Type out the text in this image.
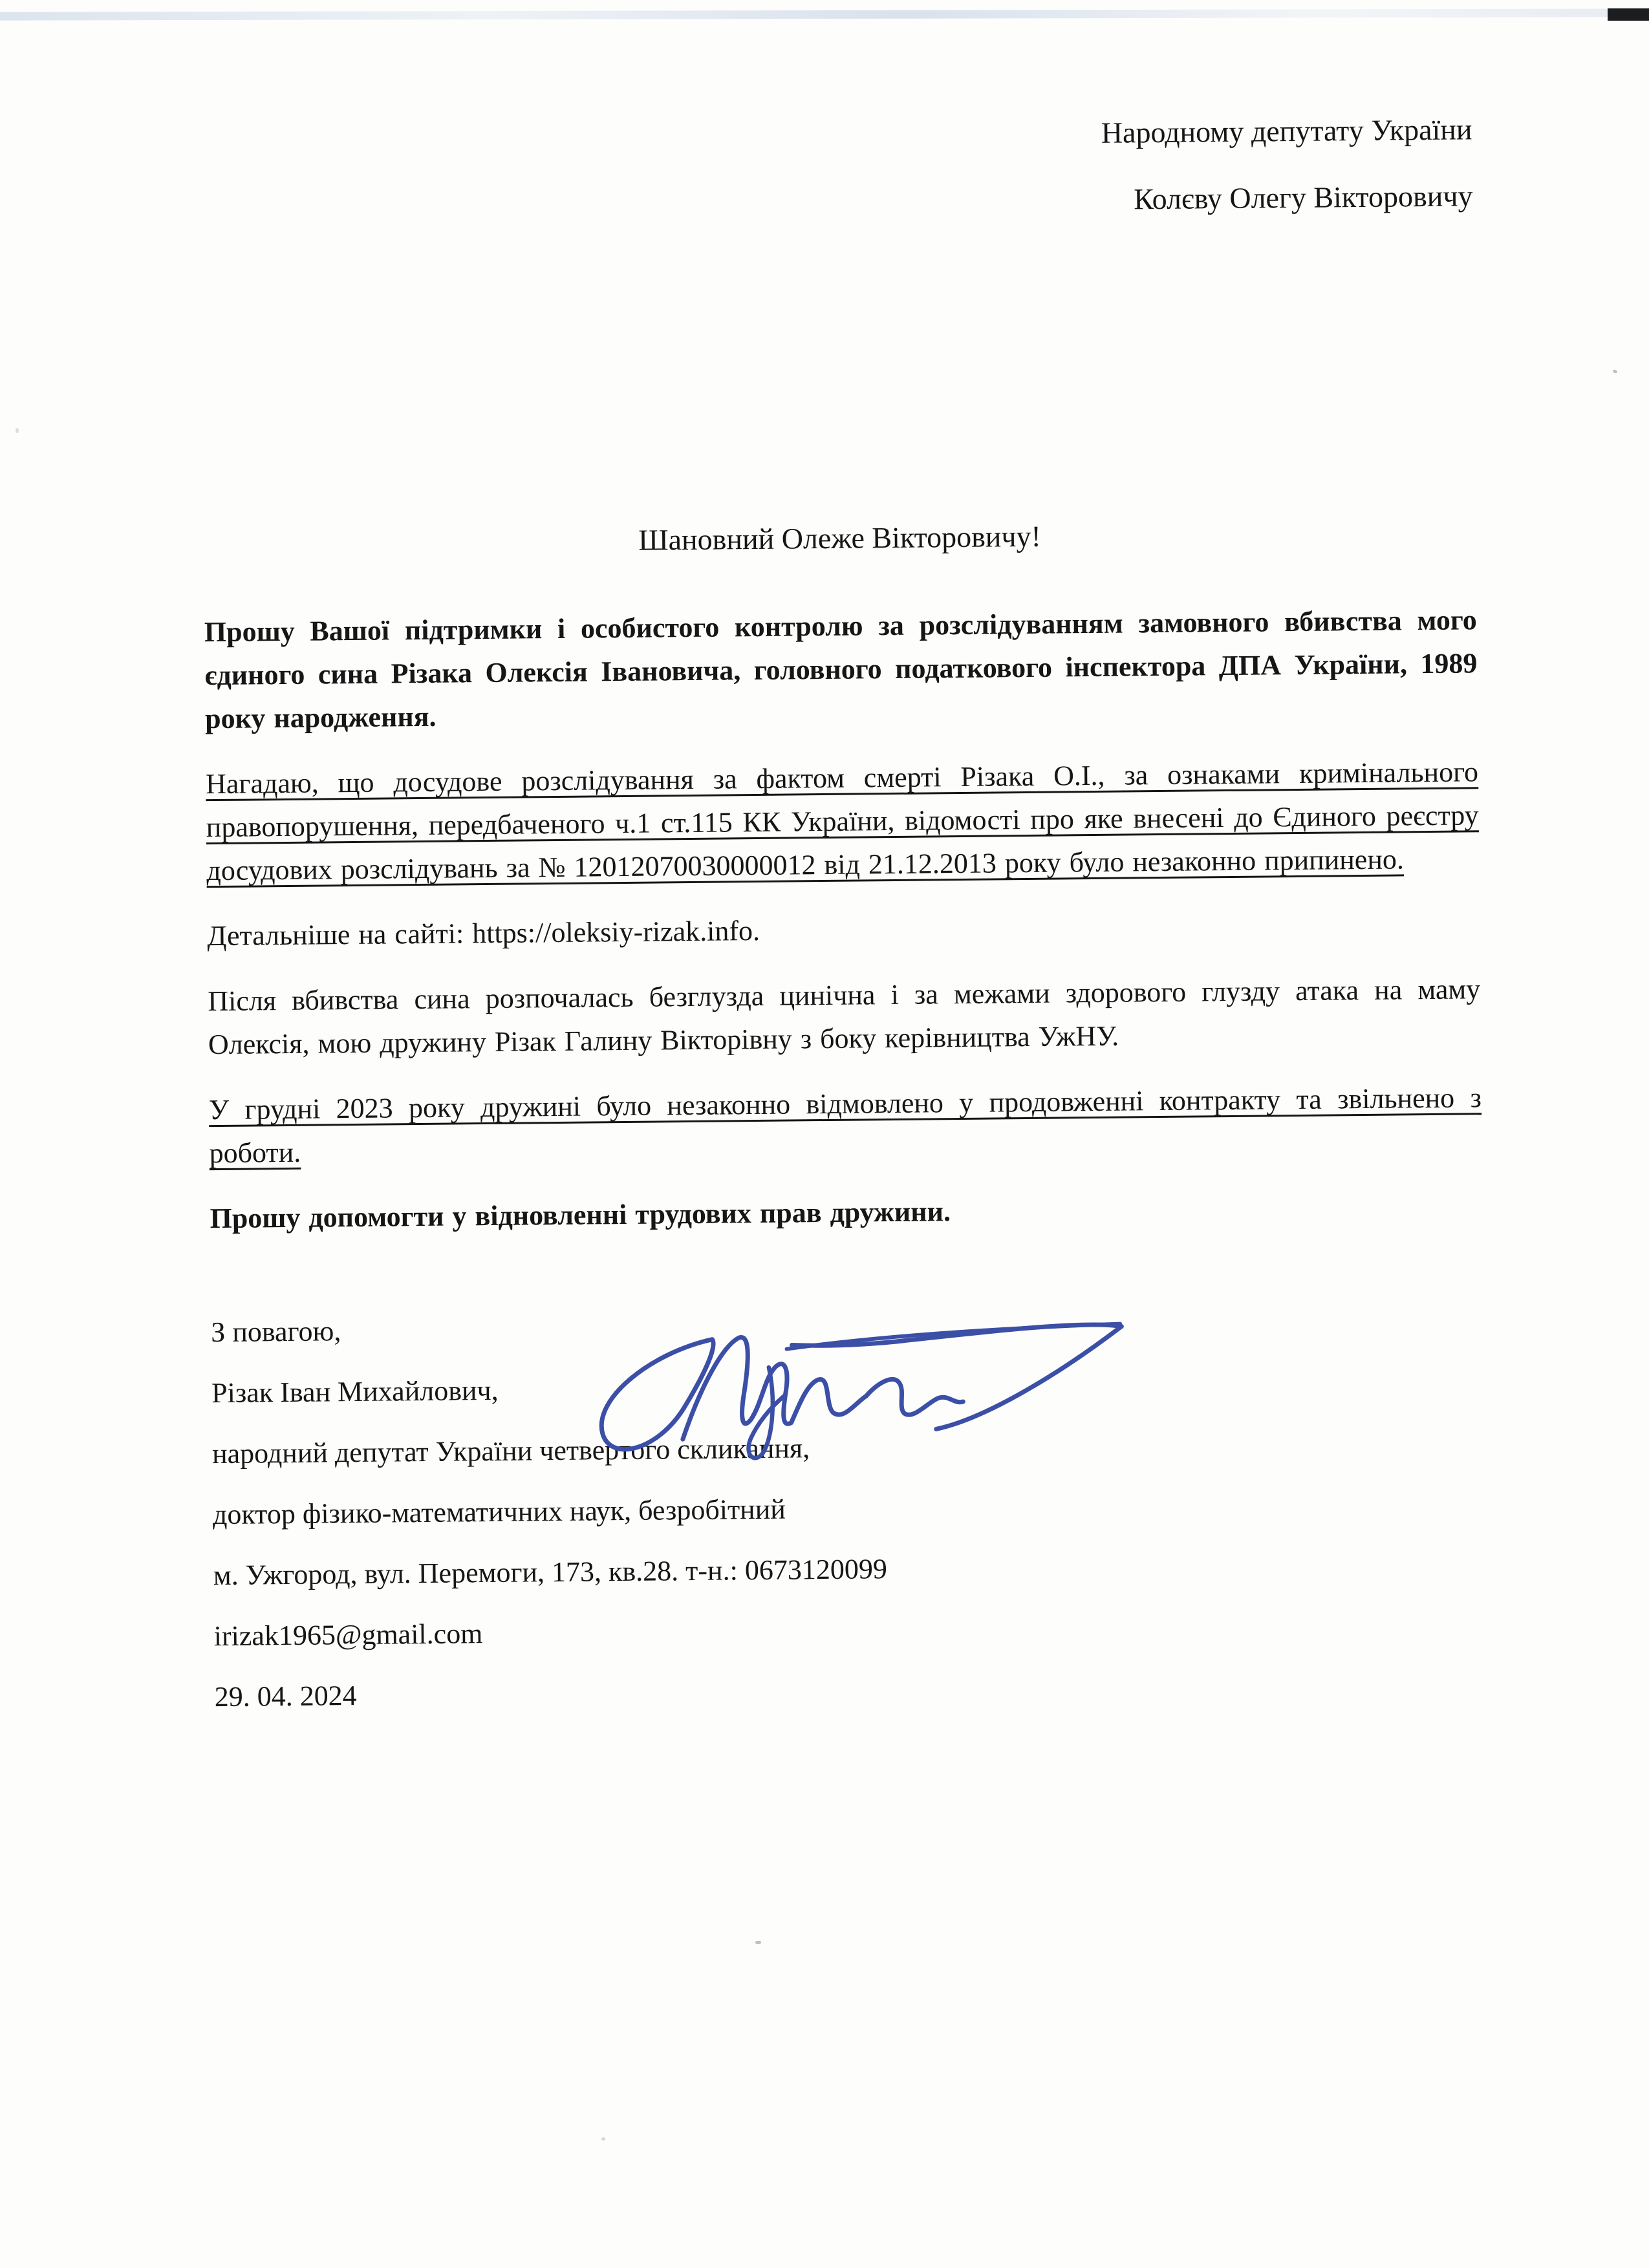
Народному депутату України
Колєву Олегу Вікторовичу
Шановний Олеже Вікторовичу!

Прошу Вашої підтримки і особистого контролю за розслідуванням замовного вбивства мого єдиного сина Різака Олексія Івановича, головного податкового інспектора ДПА України, 1989 року народження.

Нагадаю, що досудове розслідування за фактом смерті Різака О.І., за ознаками кримінального правопорушення, передбаченого ч.1 ст.115 КК України, відомості про яке внесені до Єдиного реєстру досудових розслідувань за № 12012070030000012 від 21.12.2013 року було незаконно припинено.

Детальніше на сайті: https://oleksiy-rizak.info.

Після вбивства сина розпочалась безглузда цинічна і за межами здорового глузду атака на маму Олексія, мою дружину Різак Галину Вікторівну з боку керівництва УжНУ.

У грудні 2023 року дружині було незаконно відмовлено у продовженні контракту та звільнено з роботи.

Прошу допомогти у відновленні трудових прав дружини.

З повагою,
Різак Іван Михайлович,
народний депутат України четвертого скликання,
доктор фізико-математичних наук, безробітний
м. Ужгород, вул. Перемоги, 173, кв.28. т-н.: 0673120099
irizak1965@gmail.com
29. 04. 2024
